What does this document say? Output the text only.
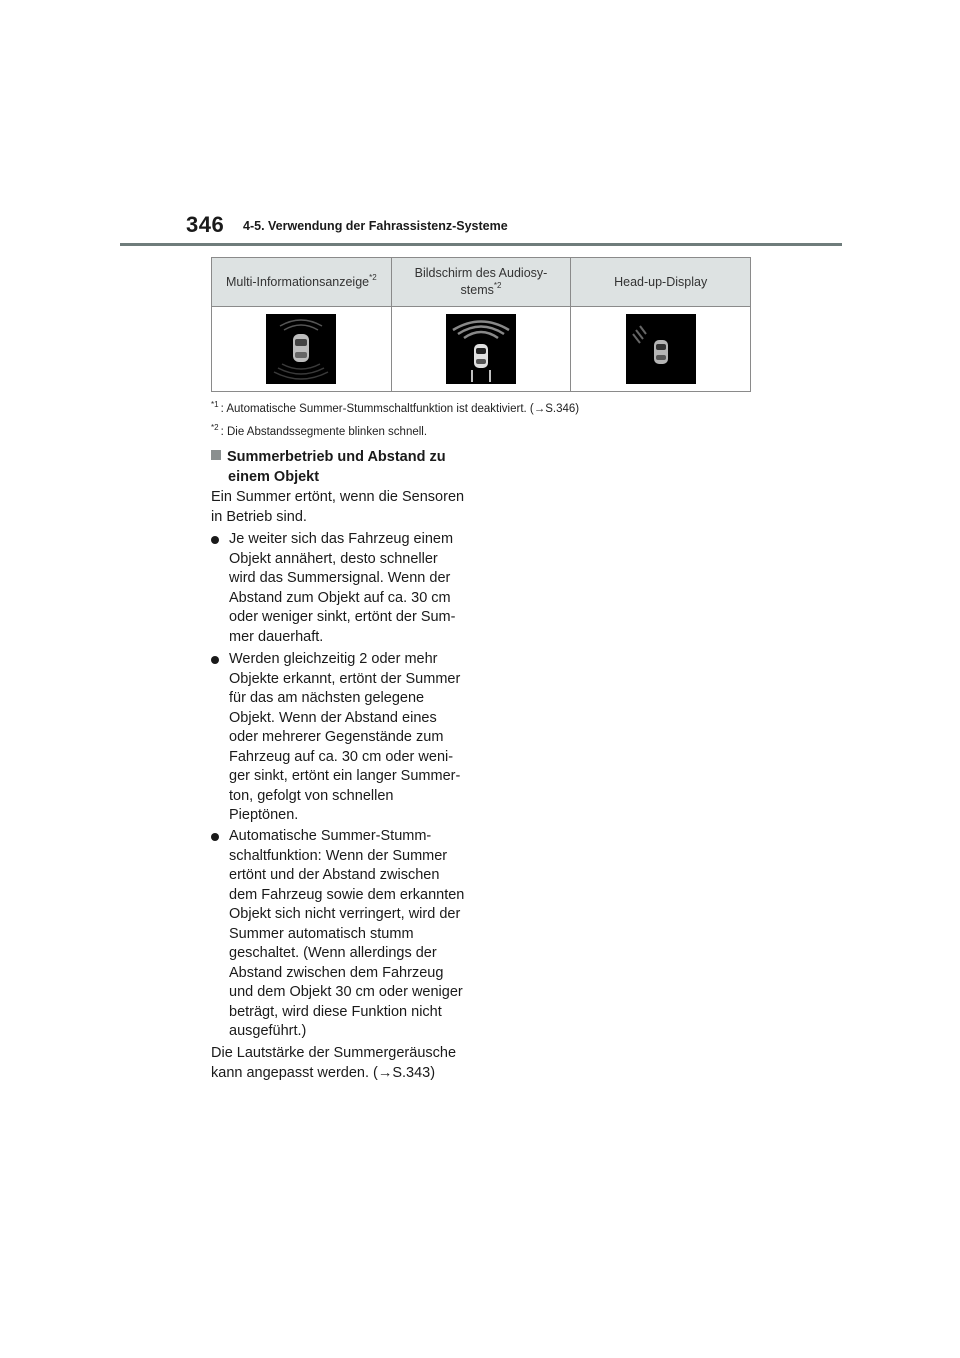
346 4-5. Verwendung der Fahrassistenz-Systeme
Multi-Informationsanzeige$^{*2}$	Bildschirm des Audiosy-
stems$^{*2}$	Head-up-Display

$^{*1}$ : Automatische Summer-Stummschaltfunktion ist deaktiviert. (→S.346)
$^{*2}$ : Die Abstandssegmente blinken schnell.
Summerbetrieb und Abstand zu
einem Objekt
Ein Summer ertönt, wenn die Sensoren
in Betrieb sind.
Je weiter sich das Fahrzeug einem
Objekt annähert, desto schneller
wird das Summersignal. Wenn der
Abstand zum Objekt auf ca. 30 cm
oder weniger sinkt, ertönt der Sum-
mer dauerhaft.
Werden gleichzeitig 2 oder mehr
Objekte erkannt, ertönt der Summer
für das am nächsten gelegene
Objekt. Wenn der Abstand eines
oder mehrerer Gegenstände zum
Fahrzeug auf ca. 30 cm oder weni-
ger sinkt, ertönt ein langer Summer-
ton, gefolgt von schnellen
Pieptönen.
Automatische Summer-Stumm-
schaltfunktion: Wenn der Summer
ertönt und der Abstand zwischen
dem Fahrzeug sowie dem erkannten
Objekt sich nicht verringert, wird der
Summer automatisch stumm
geschaltet. (Wenn allerdings der
Abstand zwischen dem Fahrzeug
und dem Objekt 30 cm oder weniger
beträgt, wird diese Funktion nicht
ausgeführt.)
Die Lautstärke der Summergeräusche
kann angepasst werden. (→S.343)
